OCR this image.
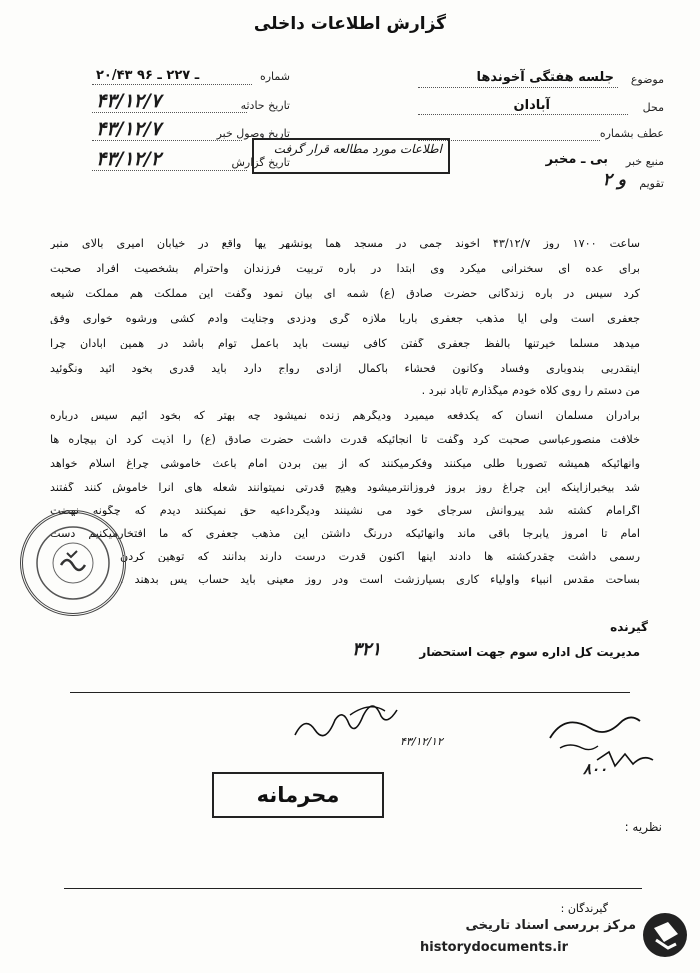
گزارش اطلاعات داخلی
شماره
۲۰/۴۳ ـ ۲۲۷ ـ ۹۶
تاریخ حادثه
۴۳/۱۲/۷
تاریخ وصول خبر
۴۳/۱۲/۷
تاریخ گزارش
۴۳/۱۲/۲
موضوع
جلسه هفتگی آخوندها
محل
آبادان
عطف بشماره
منبع خبر
بی ـ مخبر
تقویم
و ۲
اطلاعات مورد مطالعه قرار گرفت
ساعت ۱۷۰۰ روز ۴۳/۱۲/۷ آخوند جمی در مسجد هما پونشهر پها واقع در خیابان امیری بالای منبر
برای عده ای سخنرانی میکرد وی ابتدا در باره تربیت فرزندان واحترام بشخصیت افراد صحبت
کرد سپس در باره زندگانی حضرت صادق (ع) شمه ای بیان نمود وگفت این مملکت هم مملکت شیعه
جعفری است ولی آیا مذهب جعفری باربا ملازه گری ودزدی وجنایت وادم کشی ورشوه خواری وفق
میدهد مسلما خیرتنها بالفظ جعفری گفتن کافی نیست باید باعمل توام باشد در همین آبادان چرا
اینقدربی بندوباری وفساد وکانون فحشاء باکمال آزادی رواج دارد باید قدری بخود آئید ونگوئید
من دستم را روی کلاه خودم میگذارم تاباد نبرد .
برادران مسلمان انسان که یکدفعه میمیرد ودیگرهم زنده نمیشود چه بهتر که بخود آئیم سپس درباره
خلافت منصورعباسی صحبت کرد وگفت تا آنجائیکه قدرت داشت حضرت صادق (ع) را اذیت کرد ان بیچاره ها
وآنهائیکه همیشه تصوربا طلی میکنند وفکرمیکنند که از بین بردن امام باعث خاموشی چراغ اسلام خواهد
شد بیخبرازاینکه این چراغ روز بروز فروزانترمیشود وهیچ قدرتی نمیتوانند شعله های آنرا خاموش کنند گفتند
اگرامام کشته شد پیروانش سرجای خود می نشینند ودیگرداعیه حق نمیکنند دیدم که چگونه نهضت
امام تا امروز پابرجا باقی ماند وآنهائیکه دررنگ داشتن این مذهب جعفری که ما افتخارمیکنیم دست
رسمی داشت چقدرکشته ها دادند اینها اکنون قدرت درست دارند بدانند که توهین کردن
بساحت مقدس انبیاء واولیاء کاری بسیارزشت است ودر روز معینی باید حساب پس بدهند .
گیرنده
مدیریت کل اداره سوم جهت استحضار
۳۲۱
۴۳/۱۲/۱۲
۸۰۰
محرمانه
نظریه :
گیرندگان :
مرکز بررسی اسناد تاریخی
historydocuments.ir
